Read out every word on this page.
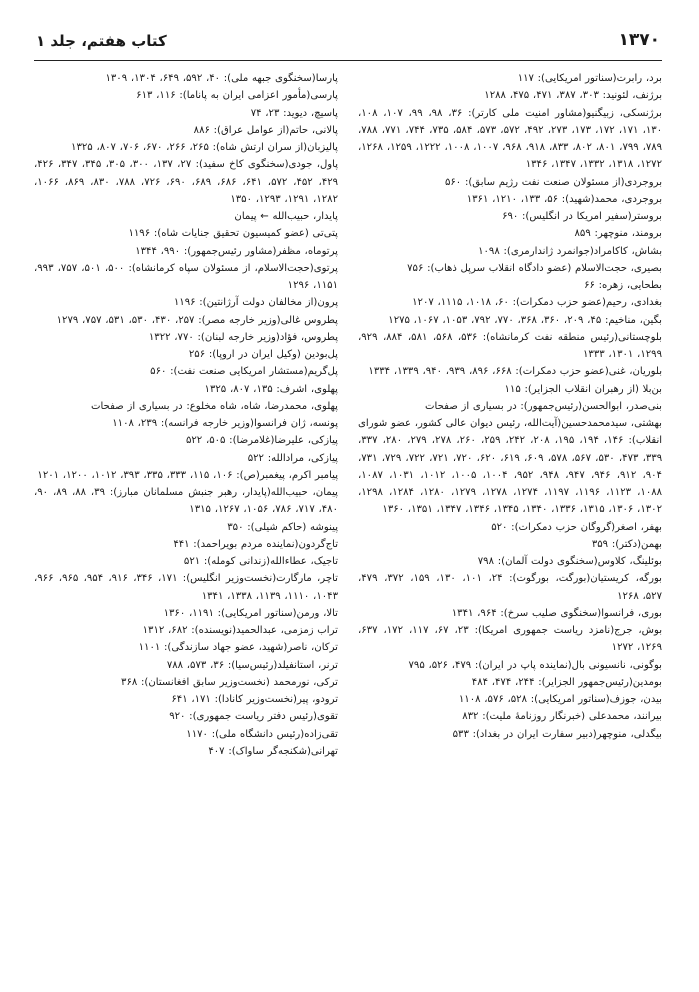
۱۳۷۰
کتاب هفتم، جلد ۱

برد، رابرت(سناتور امریکایی): ۱۱۷

برژنف، لئونید: ۳۰۳، ۳۸۷، ۴۷۱، ۴۷۵، ۱۲۸۸

برژنسکی، زبیگنیو(مشاور امنیت ملی کارتر): ۳۶، ۹۸، ۹۹، ۱۰۷، ۱۰۸، ۱۳۰، ۱۷۱، ۱۷۲، ۱۷۳، ۲۷۳، ۴۹۲، ۵۷۲، ۵۷۳، ۵۸۴، ۷۳۵، ۷۴۴، ۷۷۱، ۷۸۸، ۷۸۹، ۷۹۹، ۸۰۱، ۸۰۲، ۸۳۳، ۹۱۸، ۹۶۸، ۱۰۰۷، ۱۰۰۸، ۱۲۲۲، ۱۲۵۹، ۱۲۶۸، ۱۲۷۲، ۱۳۱۸، ۱۳۳۲، ۱۳۴۷، ۱۳۴۶

بروجردی(از مسئولان صنعت نفت رژیم سابق): ۵۶۰

بروجردی، محمد(شهید): ۵۶، ۱۳۳، ۱۲۱۰، ۱۳۶۱

بروستر(سفیر امریکا در انگلیس): ۶۹۰

برومند، منوچهر: ۸۵۹

بشاش، کاکامراد(جوانمرد ژاندارمری): ۱۰۹۸

بصیری، حجت‌الاسلام (عضو دادگاه انقلاب سرپل ذهاب): ۷۵۶

بطحایی، زهره: ۶۶

بغدادی، رحیم(عضو حزب دمکرات): ۶۰، ۱۰۱۸، ۱۱۱۵، ۱۲۰۷

بگین، مناخیم: ۴۵، ۲۰۹، ۳۶۰، ۳۶۸، ۷۷۰، ۷۹۲، ۱۰۵۳، ۱۰۶۷، ۱۲۷۵

بلوچستانی(رئیس منطقه نفت کرمانشاه): ۵۳۶، ۵۶۸، ۵۸۱، ۸۸۴، ۹۲۹، ۱۲۹۹، ۱۳۰۱، ۱۳۳۳

بلوریان، غنی(عضو حزب دمکرات): ۶۶۸، ۸۹۶، ۹۳۹، ۹۴۰، ۱۳۳۹، ۱۳۳۴

بن‌بلا (از رهبران انقلاب الجزایر): ۱۱۵

بنی‌صدر، ابوالحسن(رئیس‌جمهور): در بسیاری از صفحات

بهشتی، سیدمحمدحسین(آیت‌الله، رئیس دیوان عالی کشور، عضو شورای انقلاب): ۱۴۶، ۱۹۴، ۱۹۵، ۲۰۸، ۲۴۲، ۲۵۹، ۲۶۰، ۲۷۸، ۲۷۹، ۲۸۰، ۳۳۷، ۳۳۹، ۴۷۳، ۵۳۰، ۵۶۷، ۵۷۸، ۶۰۹، ۶۱۹، ۶۲۰، ۷۲۰، ۷۲۱، ۷۲۲، ۷۲۹، ۷۳۱، ۹۰۴، ۹۱۲، ۹۴۶، ۹۴۷، ۹۴۸، ۹۵۲، ۱۰۰۴، ۱۰۰۵، ۱۰۱۲، ۱۰۳۱، ۱۰۸۷، ۱۰۸۸، ۱۱۲۳، ۱۱۹۶، ۱۱۹۷، ۱۲۷۴، ۱۲۷۸، ۱۲۷۹، ۱۲۸۰، ۱۲۸۴، ۱۲۹۸، ۱۳۰۲، ۱۳۰۶، ۱۳۱۵، ۱۳۳۶، ۱۳۴۰، ۱۳۴۵، ۱۳۴۶، ۱۳۴۷، ۱۳۵۱، ۱۳۶۰

بهفر، اصغر(گروگان حزب دمکرات): ۵۲۰

بهمن(دکتر): ۳۵۹

بوئلینگ، کلاوس(سخنگوی دولت آلمان): ۷۹۸

بورگه، کریستیان(بورگت، بورگوت): ۲۴، ۱۰۱، ۱۳۰، ۱۵۹، ۳۷۲، ۴۷۹، ۵۲۷، ۱۲۶۸

بوری، فرانسوا(سخنگوی صلیب سرخ): ۹۶۴، ۱۳۴۱

بوش، جرج(نامزد ریاست جمهوری امریکا): ۲۳، ۶۷، ۱۱۷، ۱۷۲، ۶۳۷، ۱۲۶۹، ۱۲۷۲

بوگونی، نانسیونی بال(نماینده پاپ در ایران): ۴۷۹، ۵۲۶، ۷۹۵

بومدین(رئیس‌جمهور الجزایر): ۲۴۴، ۴۷۴، ۴۸۴

بیدن، جوزف(سناتور امریکایی): ۵۲۸، ۵۷۶، ۱۱۰۸

بیرانند، محمدعلی (خبرنگار روزنامهٔ ملیت): ۸۳۲

بیگدلی، منوچهر(دبیر سفارت ایران در بغداد): ۵۳۳

پارسا(سخنگوی جبهه ملی): ۴۰، ۵۹۲، ۶۴۹، ۱۳۰۴، ۱۳۰۹

پارسی(مأمور اعزامی ایران به پاناما): ۱۱۶، ۶۱۳

پاسیچ، دیوید: ۲۳، ۷۴

پالانی، حاتم(از عوامل عراق): ۸۸۶

پالیزبان(از سران ارتش شاه): ۲۶۵، ۲۶۶، ۶۷۰، ۷۰۶، ۸۰۷، ۱۳۲۵

پاول، جودی(سخنگوی کاخ سفید): ۲۷، ۱۳۷، ۳۰۰، ۳۰۵، ۳۴۵، ۳۴۷، ۴۲۶، ۴۲۹، ۴۵۲، ۵۷۲، ۶۴۱، ۶۸۶، ۶۸۹، ۶۹۰، ۷۲۶، ۷۸۸، ۸۳۰، ۸۶۹، ۱۰۶۶، ۱۲۸۲، ۱۲۹۱، ۱۲۹۳، ۱۳۵۰

پایدار، حبیب‌الله ← پیمان

پتی‌تی (عضو کمیسیون تحقیق جنایات شاه): ۱۱۹۶

پرتوماه، مظفر(مشاور رئیس‌جمهور): ۹۹۰، ۱۳۴۴

پرتوی(حجت‌الاسلام، از مسئولان سپاه کرمانشاه): ۵۰۰، ۵۰۱، ۷۵۷، ۹۹۳، ۱۱۵۱، ۱۲۹۶

پرون(از مخالفان دولت آرژانتین): ۱۱۹۶

پطروس غالی(وزیر خارجه مصر): ۲۵۷، ۴۳۰، ۵۳۰، ۵۳۱، ۷۵۷، ۱۲۷۹

پطروس، فؤاد(وزیر خارجه لبنان): ۷۷۰، ۱۳۲۲

پل‌بودین (وکیل ایران در اروپا): ۲۵۶

پل‌گریم(مستشار امریکایی صنعت نفت): ۵۶۰

پهلوی، اشرف: ۱۳۵، ۸۰۷، ۱۳۲۵

پهلوی، محمدرضا، شاه، شاه مخلوع: در بسیاری از صفحات

پونسه، ژان فرانسوا(وزیر خارجه فرانسه): ۲۳۹، ۱۱۰۸

پیازکی، علیرضا(غلامرضا): ۵۰۵، ۵۲۲

پیازکی، مرادالله: ۵۲۲

پیامبر اکرم، پیغمبر(ص): ۱۰۶، ۱۱۵، ۳۳۳، ۳۳۵، ۳۹۳، ۱۰۱۲، ۱۲۰۰، ۱۲۰۱

پیمان، حبیب‌الله(پایدار، رهبر جنبش مسلمانان مبارز): ۳۹، ۸۸، ۸۹، ۹۰، ۴۸۰، ۷۱۷، ۷۸۶، ۱۰۵۶، ۱۲۶۷، ۱۳۱۵

پینوشه (حاکم شیلی): ۳۵۰

تاج‌گردون(نماینده مردم بویراحمد): ۴۴۱

تاجیک، عطاءالله(زندانی کومله): ۵۲۱

تاچر، مارگارت(نخست‌وزیر انگلیس): ۱۷۱، ۳۴۶، ۹۱۶، ۹۵۴، ۹۶۵، ۹۶۶، ۱۰۴۳، ۱۱۱۰، ۱۱۳۹، ۱۳۳۸، ۱۳۴۱

تالا، ورمن(سناتور امریکایی): ۱۱۹۱، ۱۳۶۰

تراب زمزمی، عبدالحمید(نویسنده): ۶۸۲، ۱۳۱۲

ترکان، ناصر(شهید، عضو جهاد سازندگی): ۱۱۰۱

ترنر، استانفیلد(رئیس‌سیا): ۳۶، ۵۷۳، ۷۸۸

ترکی، نورمحمد (نخست‌وزیر سابق افغانستان): ۳۶۸

ترودو، پیر(نخست‌وزیر کانادا): ۱۷۱، ۶۴۱

تقوی(رئیس دفتر ریاست جمهوری): ۹۲۰

تقی‌زاده(رئیس دانشگاه ملی): ۱۱۷۰

تهرانی(شکنجه‌گر ساواک): ۴۰۷
